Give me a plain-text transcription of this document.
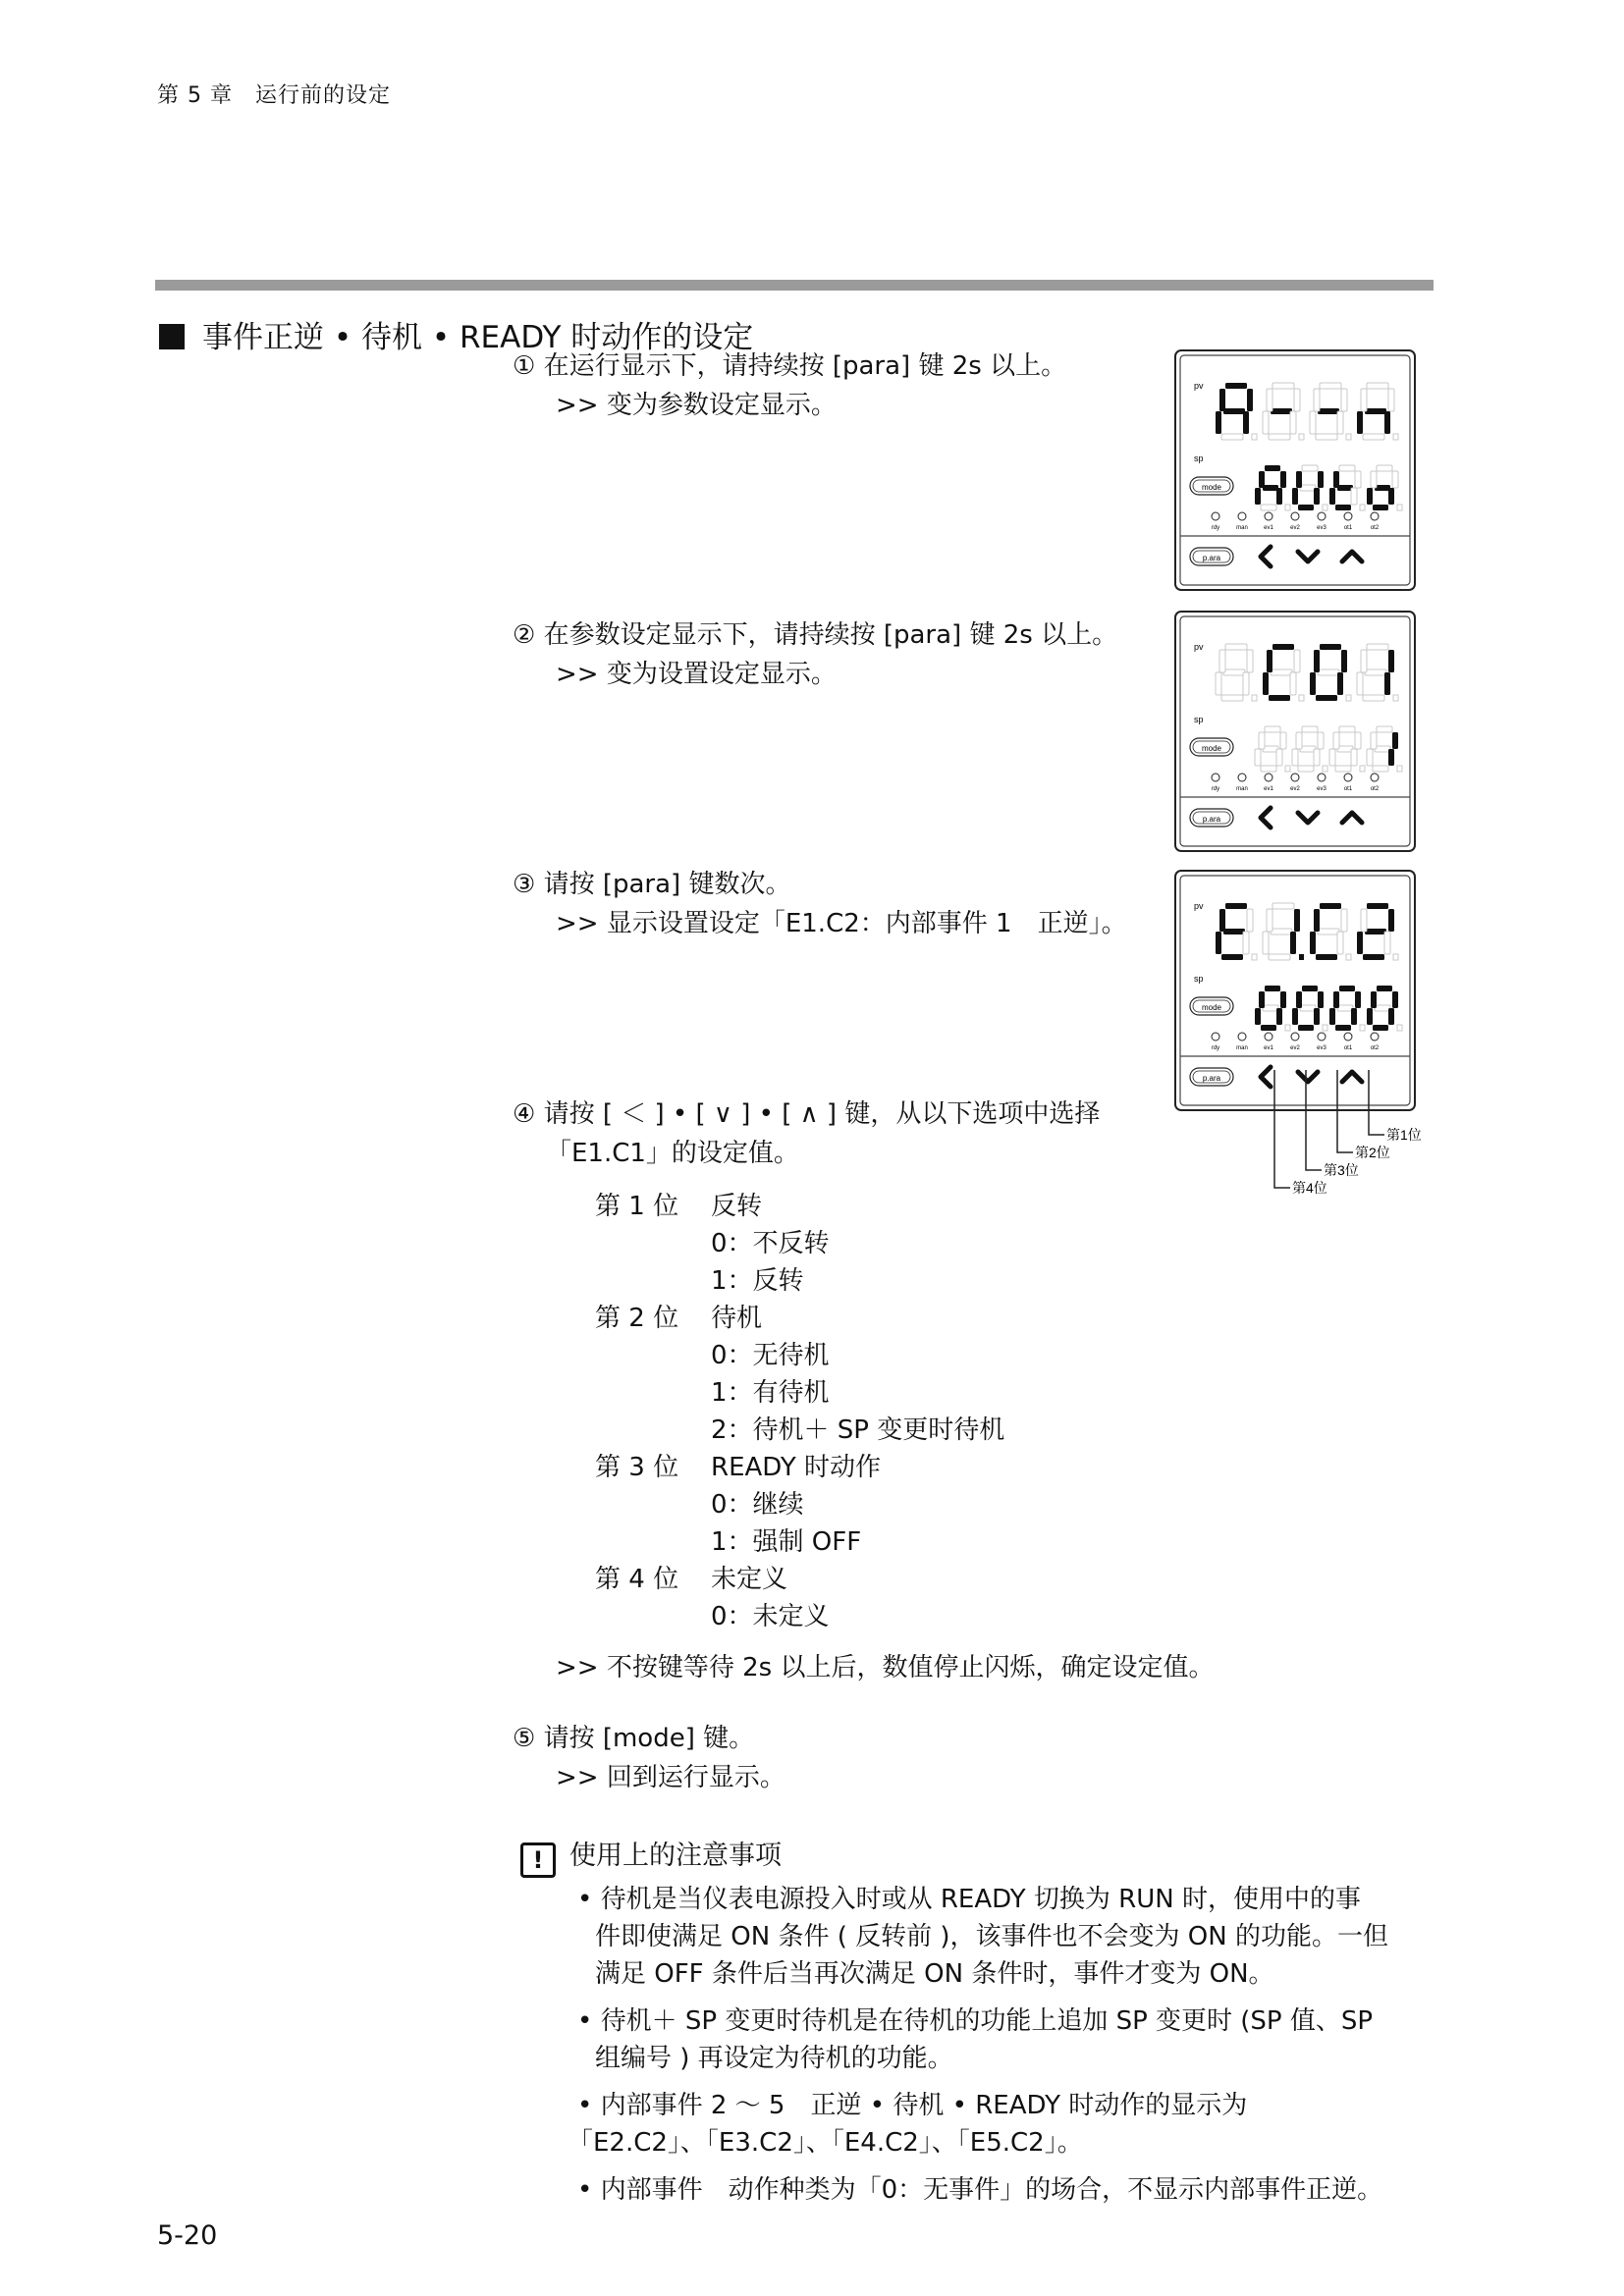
第 5 章　运行前的设定
事件正逆 • 待机 • READY 时动作的设定
① 在运行显示下，请持续按 [para] 键 2s 以上。
>> 变为参数设定显示。
② 在参数设定显示下，请持续按 [para] 键 2s 以上。
>> 变为设置设定显示。
③ 请按 [para] 键数次。
>> 显示设置设定「E1.C2：内部事件 1　正逆」。
④ 请按 [ ＜ ] • [ ∨ ] • [ ∧ ] 键，从以下选项中选择
「E1.C1」的设定值。
第 1 位 反转
0：不反转
1：反转
第 2 位 待机
0：无待机
1：有待机
2：待机＋ SP 变更时待机
第 3 位 READY 时动作
0：继续
1：强制 OFF
第 4 位 未定义
0：未定义
>> 不按键等待 2s 以上后，数值停止闪烁，确定设定值。
⑤ 请按 [mode] 键。
>> 回到运行显示。
! 使用上的注意事项

• 待机是当仪表电源投入时或从 READY 切换为 RUN 时，使用中的事

件即使满足 ON 条件 ( 反转前 )，该事件也不会变为 ON 的功能。一但

满足 OFF 条件后当再次满足 ON 条件时，事件才变为 ON。

• 待机＋ SP 变更时待机是在待机的功能上追加 SP 变更时 (SP 值、SP

组编号 ) 再设定为待机的功能。

• 内部事件 2 ～ 5　正逆 • 待机 • READY 时动作的显示为

「E2.C2」、「E3.C2」、「E4.C2」、「E5.C2」。

• 内部事件　动作种类为「0：无事件」的场合，不显示内部事件正逆。

5-20
pv
sp
mode
rdy	man	ev1	ev2	ev3	ot1	ot2
p.ara
pv
sp
mode
rdy	man	ev1	ev2	ev3	ot1	ot2
p.ara
pv
sp
mode
rdy	man	ev1	ev2	ev3	ot1	ot2
p.ara
第1位
第2位
第3位
第4位
